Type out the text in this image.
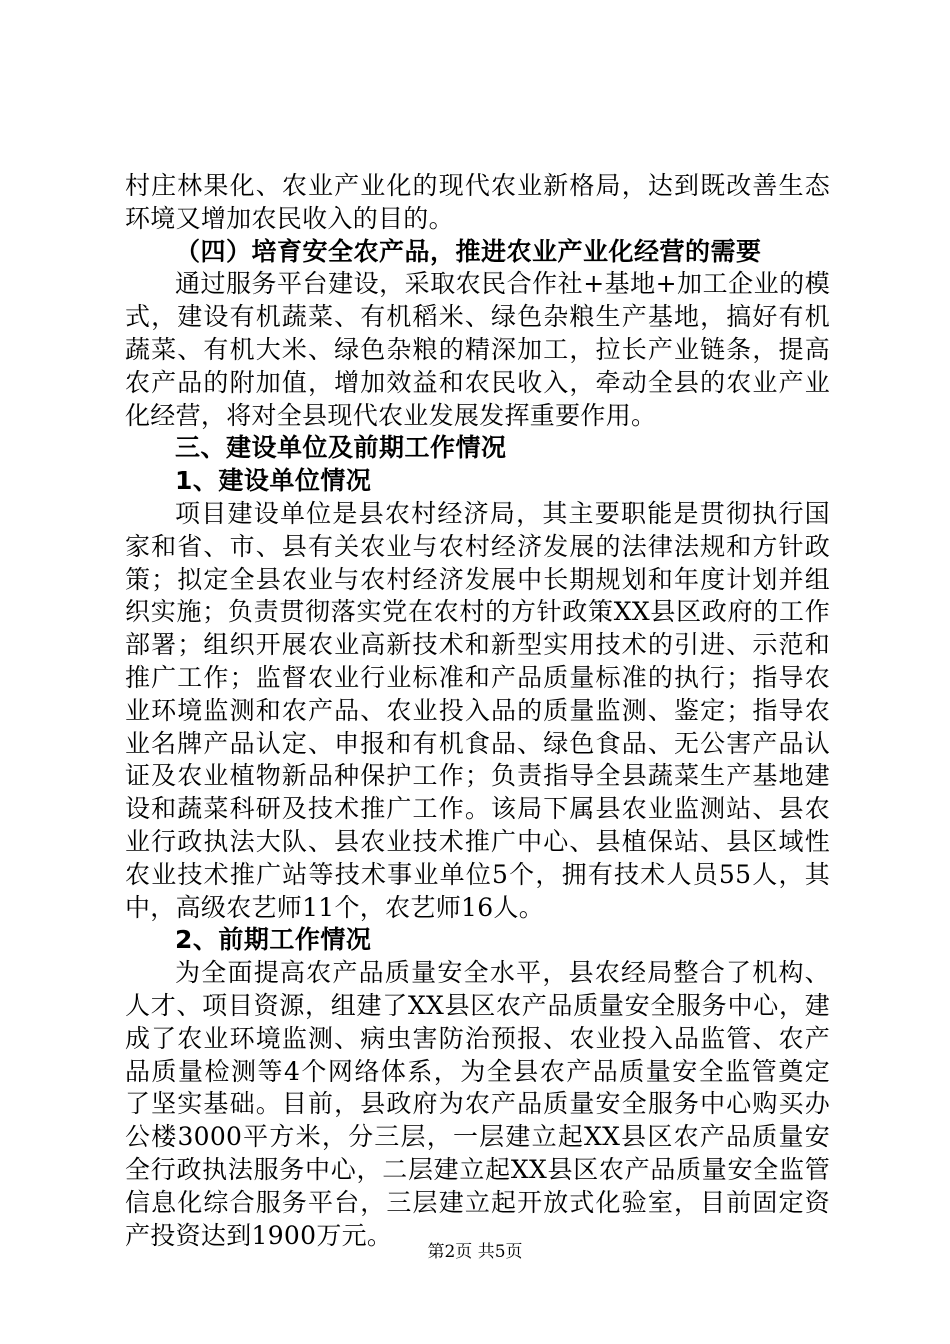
村庄林果化、农业产业化的现代农业新格局，达到既改善生态
环境又增加农民收入的目的。
（四）培育安全农产品，推进农业产业化经营的需要
通过服务平台建设，采取农民合作社+基地+加工企业的模
式，建设有机蔬菜、有机稻米、绿色杂粮生产基地，搞好有机
蔬菜、有机大米、绿色杂粮的精深加工，拉长产业链条，提高
农产品的附加值，增加效益和农民收入，牵动全县的农业产业
化经营，将对全县现代农业发展发挥重要作用。
三、建设单位及前期工作情况
1、建设单位情况
项目建设单位是县农村经济局，其主要职能是贯彻执行国
家和省、市、县有关农业与农村经济发展的法律法规和方针政
策；拟定全县农业与农村经济发展中长期规划和年度计划并组
织实施；负责贯彻落实党在农村的方针政策XX县区政府的工作
部署；组织开展农业高新技术和新型实用技术的引进、示范和
推广工作；监督农业行业标准和产品质量标准的执行；指导农
业环境监测和农产品、农业投入品的质量监测、鉴定；指导农
业名牌产品认定、申报和有机食品、绿色食品、无公害产品认
证及农业植物新品种保护工作；负责指导全县蔬菜生产基地建
设和蔬菜科研及技术推广工作。该局下属县农业监测站、县农
业行政执法大队、县农业技术推广中心、县植保站、县区域性
农业技术推广站等技术事业单位5个，拥有技术人员55人，其
中，高级农艺师11个，农艺师16人。
2、前期工作情况
为全面提高农产品质量安全水平，县农经局整合了机构、
人才、项目资源，组建了XX县区农产品质量安全服务中心，建
成了农业环境监测、病虫害防治预报、农业投入品监管、农产
品质量检测等4个网络体系，为全县农产品质量安全监管奠定
了坚实基础。目前，县政府为农产品质量安全服务中心购买办
公楼3000平方米，分三层，一层建立起XX县区农产品质量安
全行政执法服务中心，二层建立起XX县区农产品质量安全监管
信息化综合服务平台，三层建立起开放式化验室，目前固定资
产投资达到1900万元。
第2页 共5页
